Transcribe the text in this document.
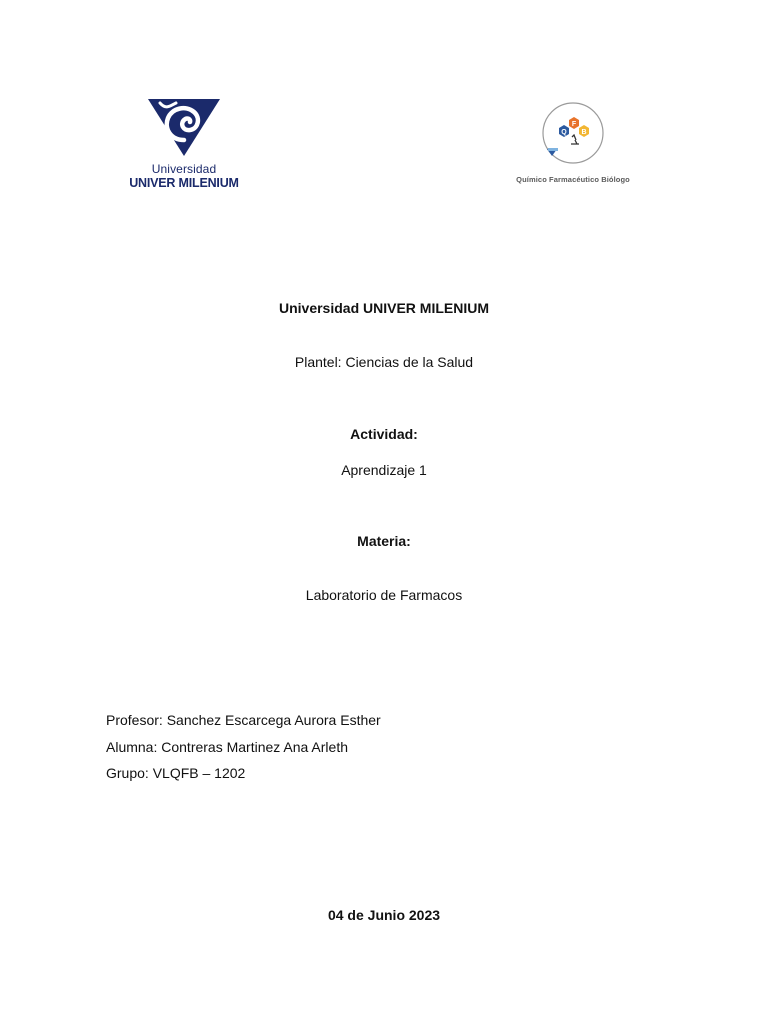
Universidad
UNIVER MILENIUM
Q
F
B
Químico Farmacéutico Biólogo
Universidad UNIVER MILENIUM
Plantel: Ciencias de la Salud
Actividad:
Aprendizaje 1
Materia:
Laboratorio de Farmacos
Profesor: Sanchez Escarcega Aurora Esther
Alumna: Contreras Martinez Ana Arleth
Grupo: VLQFB – 1202
04 de Junio 2023
